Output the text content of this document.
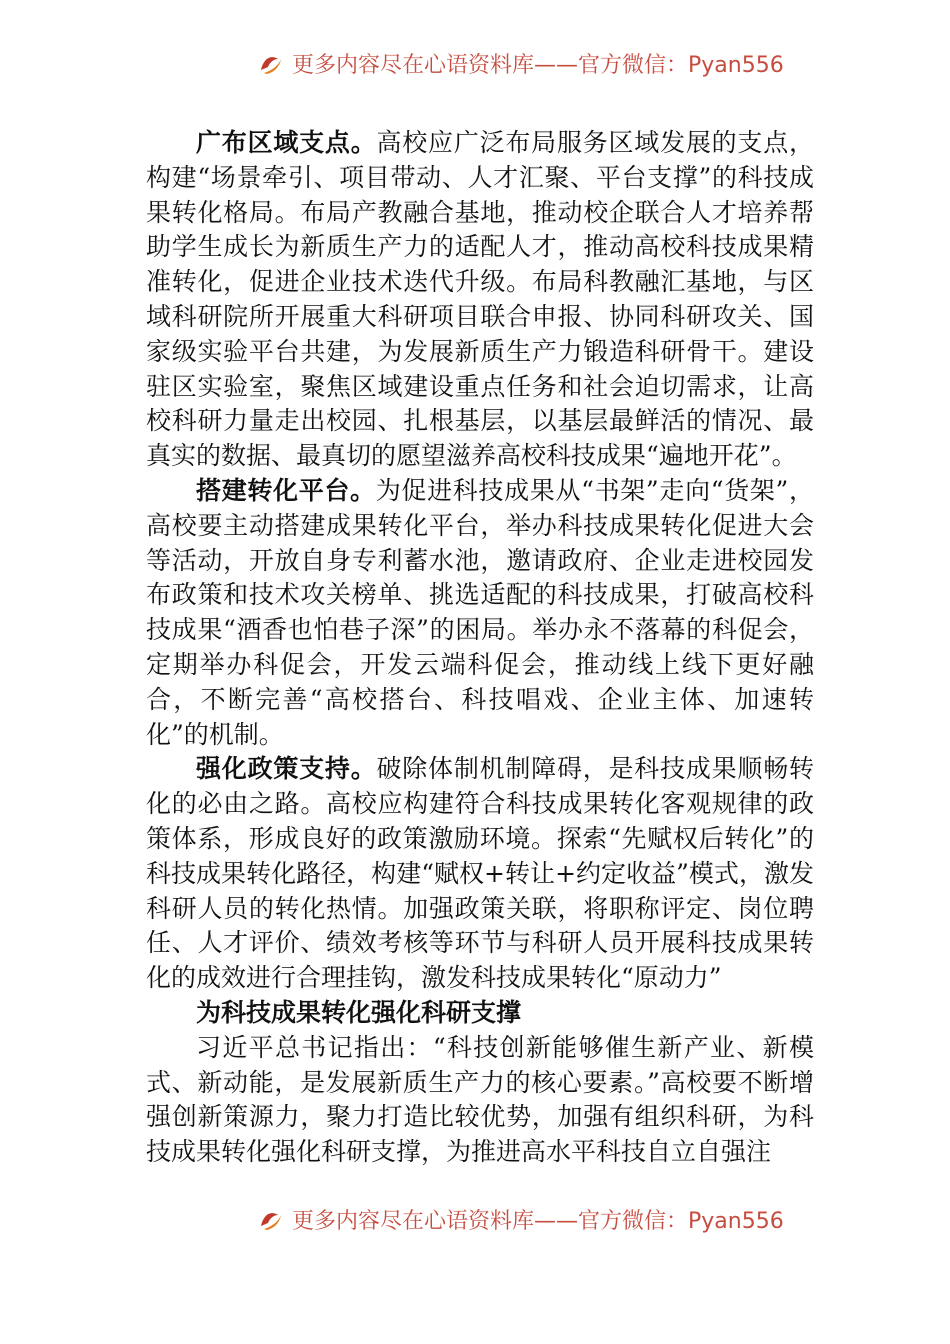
更多内容尽在心语资料库——官方微信：Pyan556

广布区域支点。高校应广泛布局服务区域发展的支点，构建“场景牵引、项目带动、人才汇聚、平台支撑”的科技成果转化格局。布局产教融合基地，推动校企联合人才培养帮助学生成长为新质生产力的适配人才，推动高校科技成果精准转化，促进企业技术迭代升级。布局科教融汇基地，与区域科研院所开展重大科研项目联合申报、协同科研攻关、国家级实验平台共建，为发展新质生产力锻造科研骨干。建设驻区实验室，聚焦区域建设重点任务和社会迫切需求，让高校科研力量走出校园、扎根基层，以基层最鲜活的情况、最真实的数据、最真切的愿望滋养高校科技成果“遍地开花”。

搭建转化平台。为促进科技成果从“书架”走向“货架”，高校要主动搭建成果转化平台，举办科技成果转化促进大会等活动，开放自身专利蓄水池，邀请政府、企业走进校园发布政策和技术攻关榜单、挑选适配的科技成果，打破高校科技成果“酒香也怕巷子深”的困局。举办永不落幕的科促会，定期举办科促会，开发云端科促会，推动线上线下更好融合，不断完善“高校搭台、科技唱戏、企业主体、加速转化”的机制。

强化政策支持。破除体制机制障碍，是科技成果顺畅转化的必由之路。高校应构建符合科技成果转化客观规律的政策体系，形成良好的政策激励环境。探索“先赋权后转化”的科技成果转化路径，构建“赋权+转让+约定收益”模式，激发科研人员的转化热情。加强政策关联，将职称评定、岗位聘任、人才评价、绩效考核等环节与科研人员开展科技成果转化的成效进行合理挂钩，激发科技成果转化“原动力”

为科技成果转化强化科研支撑

习近平总书记指出：“科技创新能够催生新产业、新模式、新动能，是发展新质生产力的核心要素。”高校要不断增强创新策源力，聚力打造比较优势，加强有组织科研，为科技成果转化强化科研支撑，为推进高水平科技自立自强注

更多内容尽在心语资料库——官方微信：Pyan556
